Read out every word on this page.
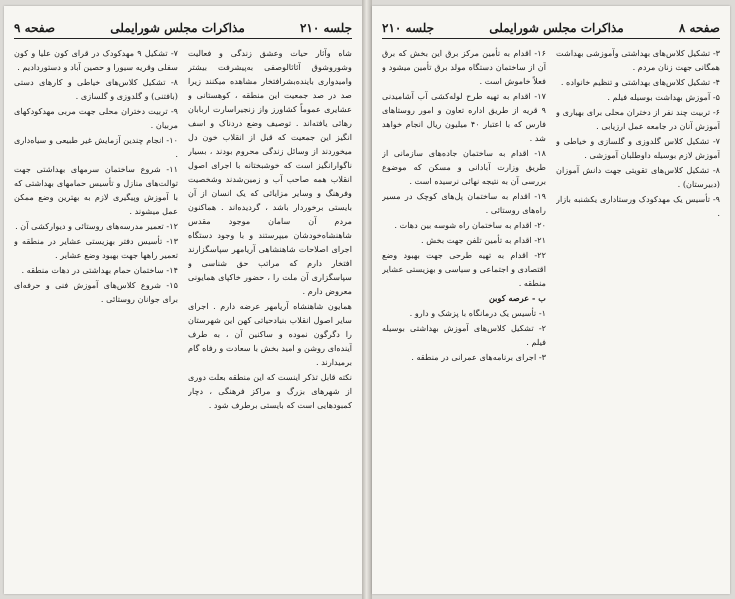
جلسه ۲۱۰
مذاکرات مجلس شورایملی
صفحه ۹

شاه وآثار حیات وعشق زندگی و فعالیت وشوروشوق آثاثالوصفی به‌پیشرفت بیشتر وامیدواری باینده‌بشرافتخار مشاهده میکنند زیرا صد در صد جمعیت این منطقه ، کوهستانی و عشایری عموماً کشاورز واز زنجیراسارت اربابان رهائی یافته‌اند . توصیف وضع دردناک و اسف انگیز این جمعیت که قبل از انقلاب خون دل میخوردند از وسائل زندگی محروم بودند ، بسیار ناگوارانگیز است که خوشبختانه با اجرای اصول انقلاب همه صاحب آب و زمین‌شدند وشخصیت وفرهنگ و وسایر مزایائی که یک انسان از آن بایستی برخوردار باشد ، گردیده‌اند . هماکنون مردم آن سامان موجود مقدس شاهنشاه‌خودشان میپرستند و با وجود دستگاه اجرای اصلاحات شاهنشاهی آریامهر سپاسگزارند افتخار دارم که مراتب حق شناسی و سپاسگزاری آن ملت را ، حضور خاکپای همایونی معروض دارم .

همایون شاهنشاه آریامهر عرضه دارم . اجرای سایر اصول انقلاب بنیادحیاتی کهن این شهرستان را دگرگون نموده و ساکنین آن ، به طرف آینده‌ای روشن و امید بخش با سعادت و رفاه گام برمیدارند .

نکته قابل تذکر اینست که این منطقه بعلت دوری از شهرهای بزرگ و مراکز فرهنگی ، دچار کمبودهایی است که بایستی برطرف شود .

۷- تشکیل ۹ مهدکودک در قرای کون علیا و کون سفلی وقریه سیورا و حصین آباد و دستوردادیم .

۸- تشکیل کلاس‌های خیاطی و کارهای دستی (بافتنی) و گلدوزی و گلسازی .

۹- تربیت دختران محلی جهت مربی مهدکودکهای مربیان .

۱۰- انجام چندین آزمایش غیر طبیعی و سیاه‌داری .

۱۱- شروع ساختمان سرمهای بهداشتی جهت توالت‌های منازل و تأسیس حمامهای بهداشتی که با آموزش وپیگیری لازم به بهترین وضع ممکن عمل میشوند .

۱۲- تعمیر مدرسه‌های روستائی و دیوارکشی آن .

۱۳- تأسیس دفتر بهزیستی عشایر در منطقه و تعمیر راهها جهت بهبود وضع عشایر .

۱۴- ساختمان حمام بهداشتی در دهات منطقه .

۱۵- شروع کلاس‌های آموزش فنی و حرفه‌ای برای جوانان روستائی .

صفحه ۸
مذاکرات مجلس شورایملی
جلسه ۲۱۰

۳- تشکیل کلاس‌های بهداشتی وآموزشی بهداشت همگانی جهت زنان مردم .

۴- تشکیل کلاس‌های بهداشتی و تنظیم خانواده .

۵- آموزش بهداشت بوسیله فیلم .

۶- تربیت چند نفر از دختران محلی برای بهیاری و آموزش آنان در جامعه عمل ارزیابی .

۷- تشکیل کلاس گلدوزی و گلسازی و خیاطی و آموزش لازم بوسیله داوطلبان آموزشی .

۸- تشکیل کلاس‌های تقویتی جهت دانش آموزان (دبیرستان) .

۹- تأسیس یک مهدکودک ورستاداری یکشنبه بازار .

۱۶- اقدام به تأمین مرکز برق این بخش که برق آن از ساختمان دستگاه مولد برق تأمین میشود و فعلاً خاموش است .

۱۷- اقدام به تهیه طرح لوله‌کشی آب آشامیدنی ۹ قریه از طریق اداره تعاون و امور روستاهای فارس که با اعتبار ۴۰ میلیون ریال انجام خواهد شد .

۱۸- اقدام به ساختمان جاده‌های سازمانی از طریق وزارت آبادانی و مسکن که موضوع بررسی آن به نتیجه نهائی نرسیده است .

۱۹- اقدام به ساختمان پل‌های کوچک در مسیر راه‌های روستائی .

۲۰- اقدام به ساختمان راه شوسه بین دهات .

۲۱- اقدام به تأمین تلفن جهت بخش .

۲۲- اقدام به تهیه طرحی جهت بهبود وضع اقتصادی و اجتماعی و سیاسی و بهزیستی عشایر منطقه .

ب - عرصه کوبن

۱- تأسیس یک درمانگاه با پزشک و دارو .

۲- تشکیل کلاس‌های آموزش بهداشتی بوسیله فیلم .

۳- اجرای برنامه‌های عمرانی در منطقه .
